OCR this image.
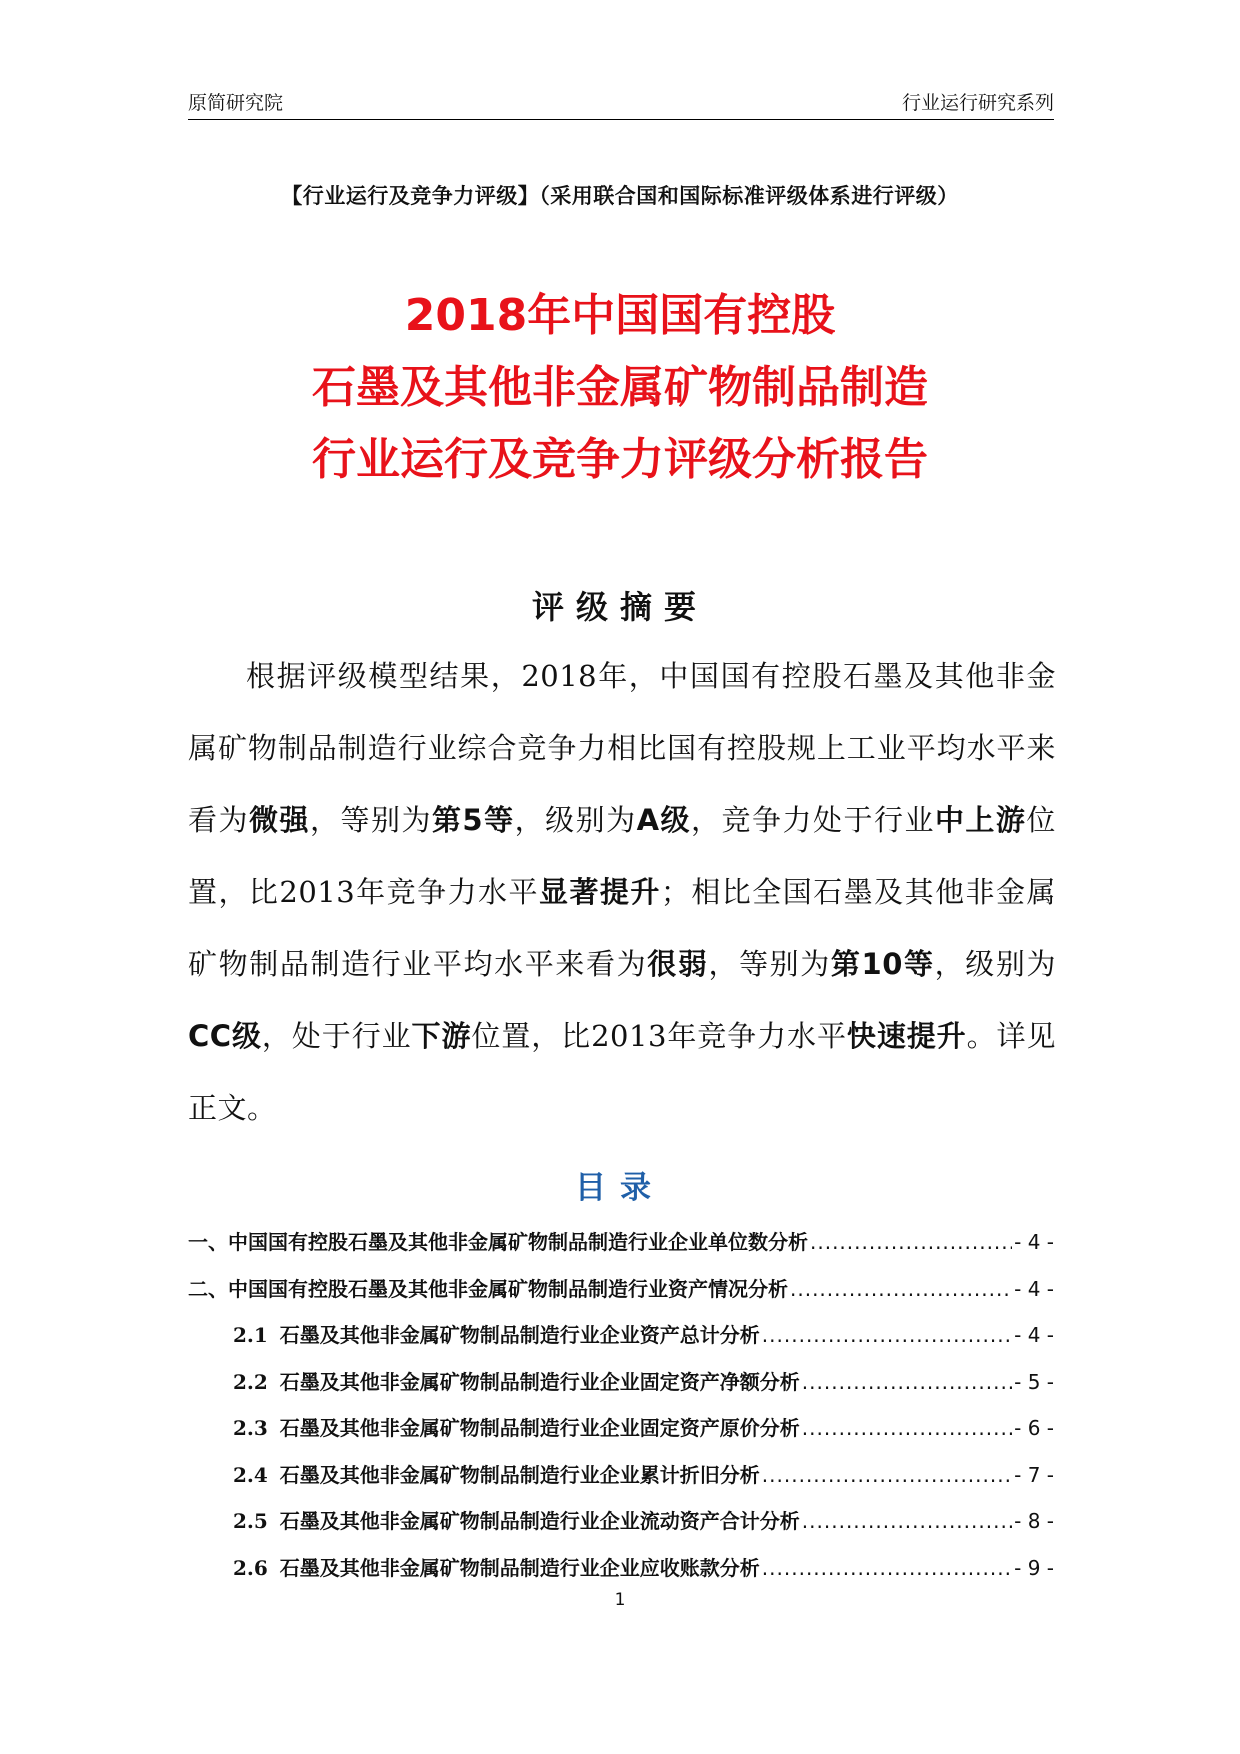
原简研究院	行业运行研究系列
【行业运行及竞争力评级】（采用联合国和国际标准评级体系进行评级）
2018年中国国有控股
石墨及其他非金属矿物制品制造
行业运行及竞争力评级分析报告
评级摘要
根据评级模型结果，2018年，中国国有控股石墨及其他非金属矿物制品制造行业综合竞争力相比国有控股规上工业平均水平来看为微强，等别为第5等，级别为A级，竞争力处于行业中上游位置，比2013年竞争力水平显著提升；相比全国石墨及其他非金属矿物制品制造行业平均水平来看为很弱，等别为第10等，级别为CC级，处于行业下游位置，比2013年竞争力水平快速提升。详见正文。
目录
一、中国国有控股石墨及其他非金属矿物制品制造行业企业单位数分析 .....	- 4 -
二、中国国有控股石墨及其他非金属矿物制品制造行业资产情况分析 .....	- 4 -
2.1 石墨及其他非金属矿物制品制造行业企业资产总计分析 .....	- 4 -
2.2 石墨及其他非金属矿物制品制造行业企业固定资产净额分析 .....	- 5 -
2.3 石墨及其他非金属矿物制品制造行业企业固定资产原价分析 .....	- 6 -
2.4 石墨及其他非金属矿物制品制造行业企业累计折旧分析 .....	- 7 -
2.5 石墨及其他非金属矿物制品制造行业企业流动资产合计分析 .....	- 8 -
2.6 石墨及其他非金属矿物制品制造行业企业应收账款分析 .....	- 9 -
1
